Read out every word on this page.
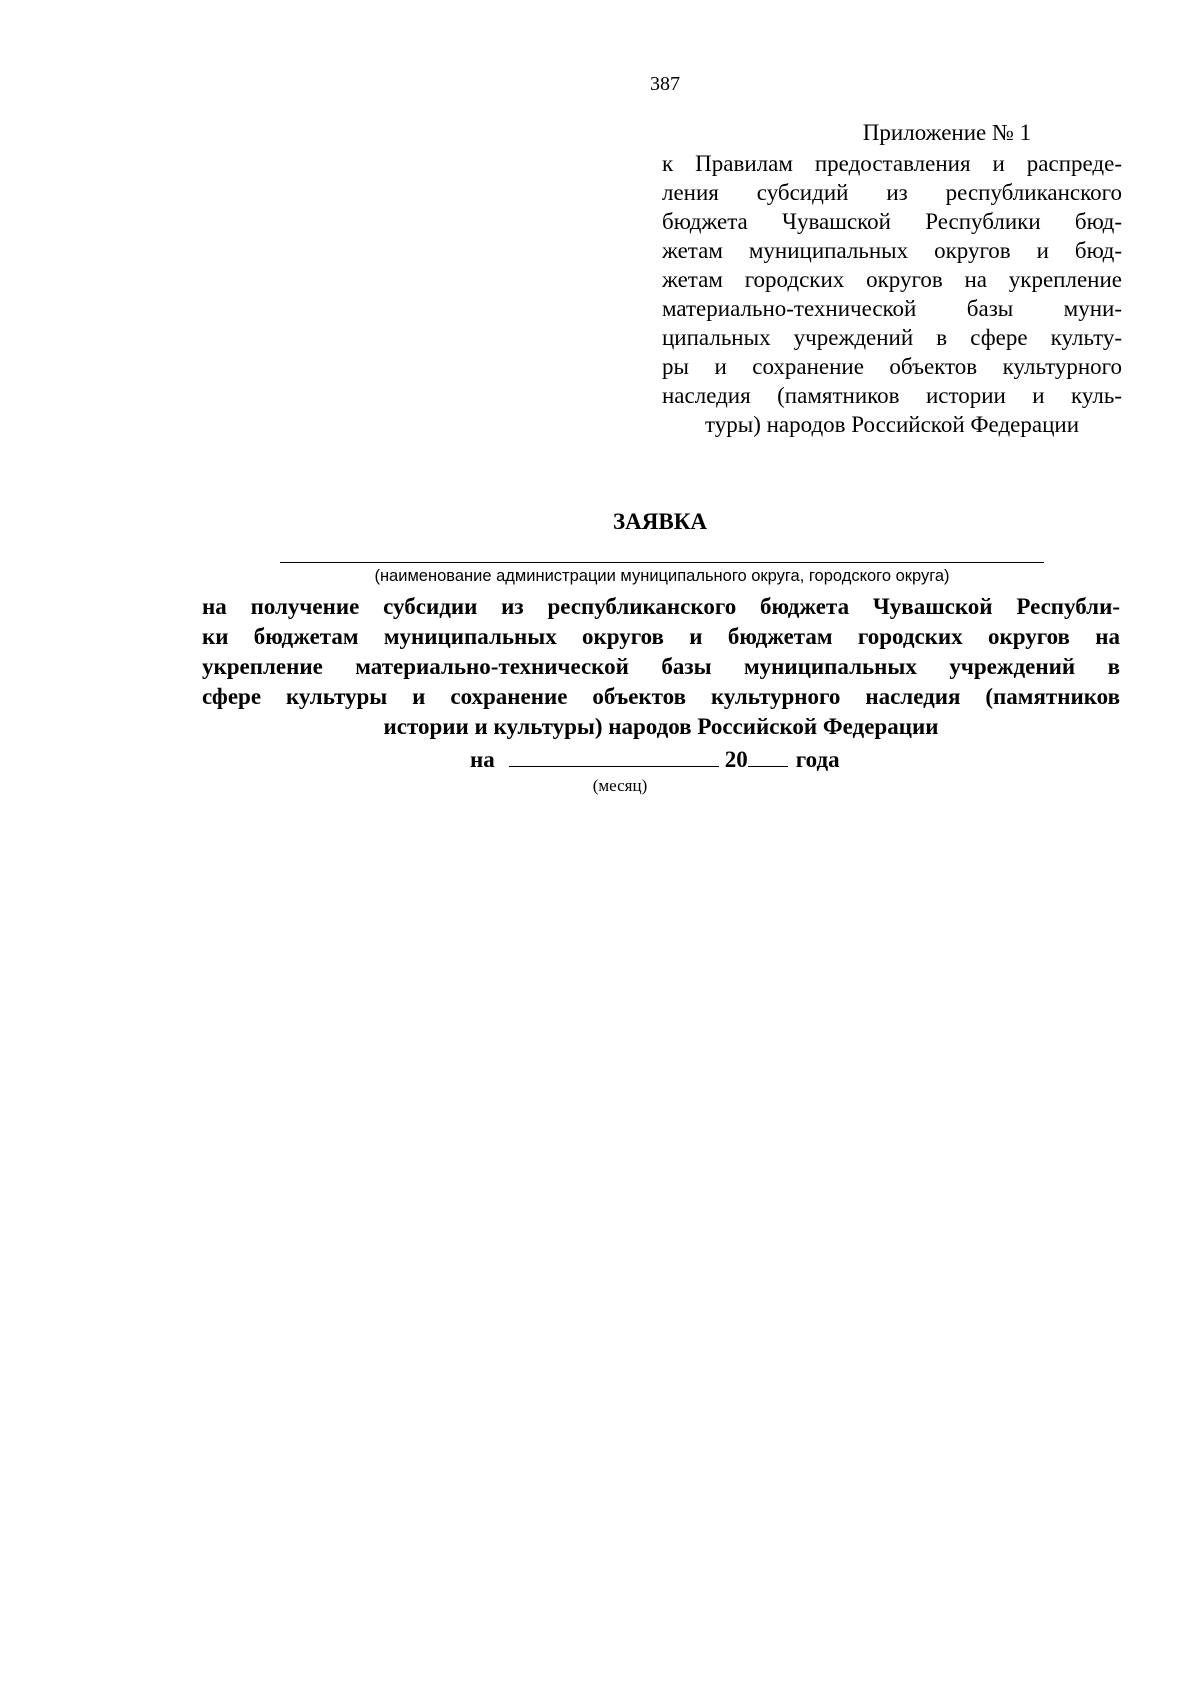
387
Приложение № 1
к Правилам предоставления и распреде-
ления субсидий из республиканского
бюджета Чувашской Республики бюд-
жетам муниципальных округов и бюд-
жетам городских округов на укрепление
материально-технической базы муни-
ципальных учреждений в сфере культу-
ры и сохранение объектов культурного
наследия (памятников истории и куль-
туры) народов Российской Федерации
ЗАЯВКА
(наименование администрации муниципального округа, городского округа)
на получение субсидии из республиканского бюджета Чувашской Республи-
ки бюджетам муниципальных округов и бюджетам городских округов на
укрепление материально-технической базы муниципальных учреждений в
сфере культуры и сохранение объектов культурного наследия (памятников
истории и культуры) народов Российской Федерации
на	20 года
(месяц)
